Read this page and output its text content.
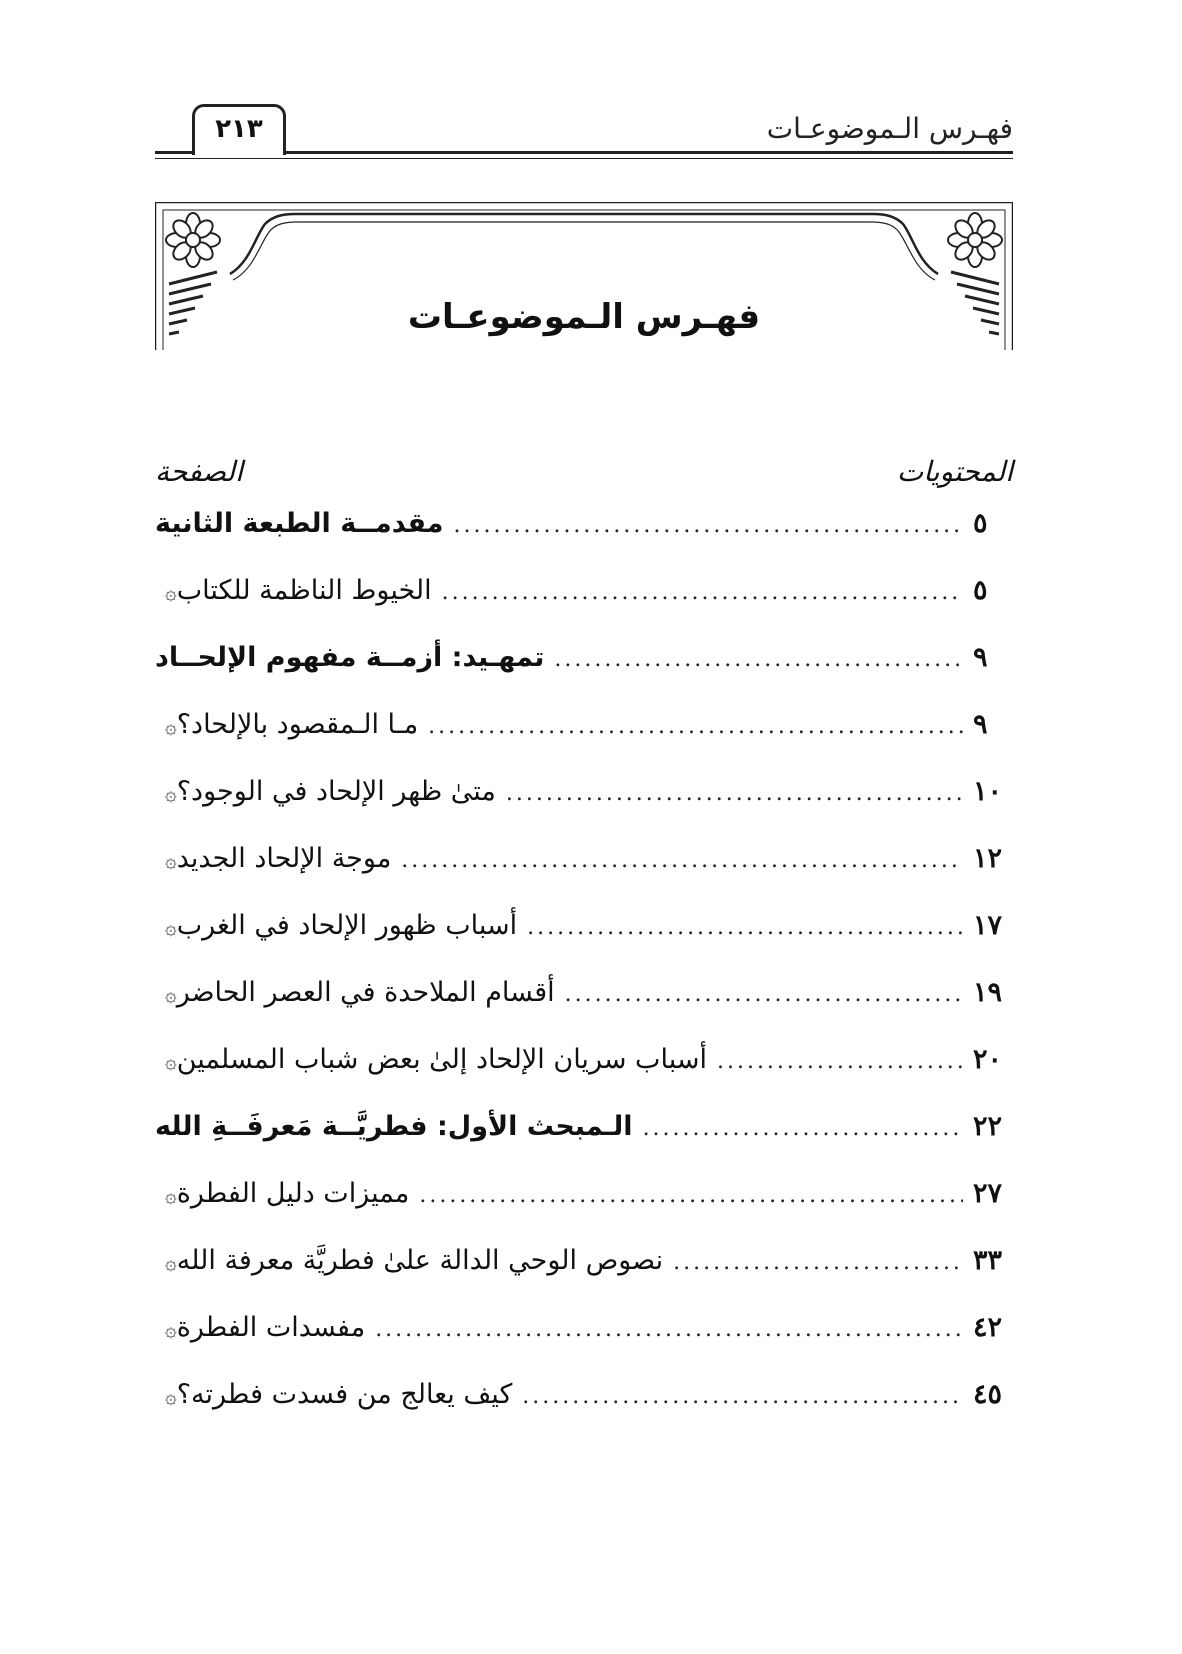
فهـرس الـموضوعـات
٢١٣
فهـرس الـموضوعـات
المحتويات
الصفحة
مقدمــة الطبعة الثانية .....	٥
۞ الخيوط الناظمة للكتاب .....	٥
تمهـيد: أزمــة مفهوم الإلحــاد .....	٩
۞ مـا الـمقصود بالإلحاد؟ .....	٩
۞ متىٰ ظهر الإلحاد في الوجود؟ .....	١٠
۞ موجة الإلحاد الجديد .....	١٢
۞ أسباب ظهور الإلحاد في الغرب .....	١٧
۞ أقسام الملاحدة في العصر الحاضر .....	١٩
۞ أسباب سريان الإلحاد إلىٰ بعض شباب المسلمين .....	٢٠
الـمبحث الأول: فطريَّــة مَعرفَــةِ الله .....	٢٢
۞ مميزات دليل الفطرة .....	٢٧
۞ نصوص الوحي الدالة علىٰ فطريَّة معرفة الله .....	٣٣
۞ مفسدات الفطرة .....	٤٢
۞ كيف يعالج من فسدت فطرته؟ .....	٤٥
